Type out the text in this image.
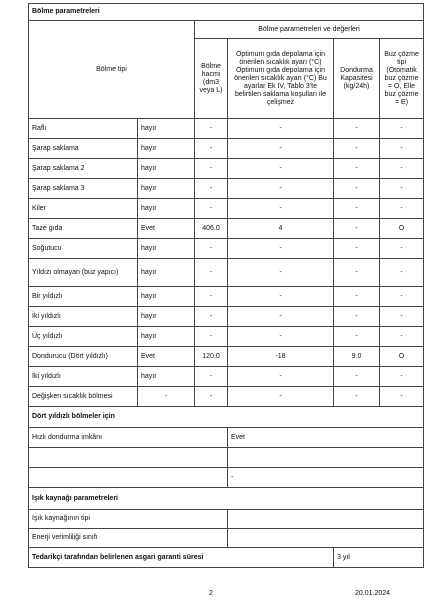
Bölme parametreleri					
Bölme tipi		Bölme parametreleri ve değerleri			
		Bölme hacmi (dm3 veya L)	Optimum gıda depolama için önerilen sıcaklık ayarı (°C) Optimum gıda depolama için önerilen sıcaklık ayarı (°C) Bu ayarlar Ek IV, Tablo 3'te belirtilen saklama koşulları ile çelişmez	Dondurma Kapasitesi (kg/24h)	Buz çözme tipi (Otomatik buz çözme = O, Elle buz çözme = E)
Raflı	hayır	-	-	-	-
Şarap saklama	hayır	-	-	-	-
Şarap saklama 2	hayır	-	-	-	-
Şarap saklama 3	hayır	-	-	-	-
Kiler	hayır	-	-	-	-
Taze gıda	Evet	406.0	4	-	O
Soğutucu	hayır	-	-	-	-
Yıldızı olmayan (buz yapıcı)	hayır	-	-	-	-
Bir yıldızlı	hayır	-	-	-	-
İki yıldızlı	hayır	-	-	-	-
Üç yıldızlı	hayır	-	-	-	-
Dondurucu (Dört yıldızlı)	Evet	120.0	-18	9.0	O
İki yıldızlı	hayır	-	-	-	-
Değişken sıcaklık bölmesi	-	-	-	-	-
Dört yıldızlı bölmeler için					
Hızlı dondurma imkânı			Evet		

			-		
Işık kaynağı parametreleri					
Işık kaynağının tipi					
Enerji verimliliği sınıfı					
Tedarikçi tarafından belirlenen asgari garanti süresi				3 yıl	
2	20.01.2024
